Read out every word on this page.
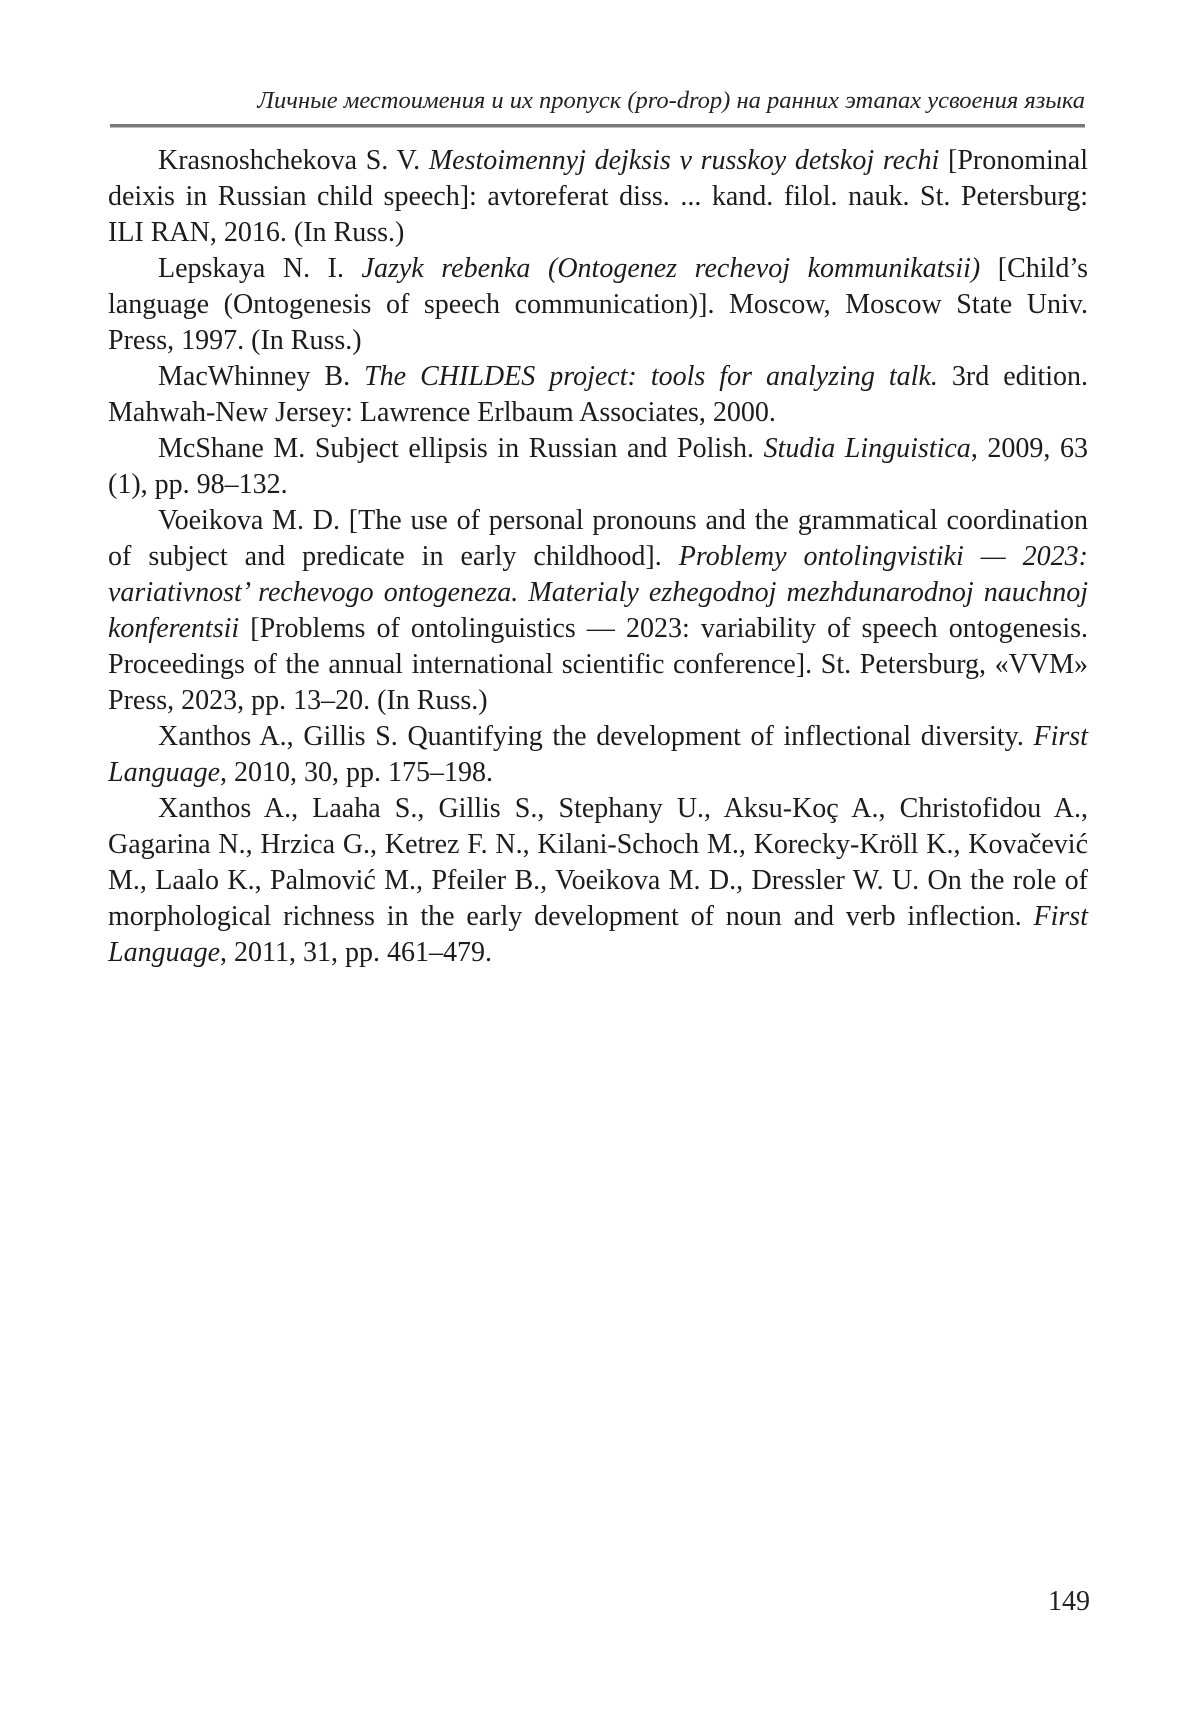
Личные местоимения и их пропуск (pro-drop) на ранних этапах усвоения языка

Krasnoshchekova S. V. Mestoimennyj dejksis v russkoy detskoj rechi [Pronominal deixis in Russian child speech]: avtoreferat diss. ... kand. filol. nauk. St. Petersburg: ILI RAN, 2016. (In Russ.)

Lepskaya N. I. Jazyk rebenka (Ontogenez rechevoj kommunikatsii) [Child’s language (Ontogenesis of speech communication)]. Moscow, Moscow State Univ. Press, 1997. (In Russ.)

MacWhinney B. The CHILDES project: tools for analyzing talk. 3rd edition. Mahwah-New Jersey: Lawrence Erlbaum Associates, 2000.

McShane M. Subject ellipsis in Russian and Polish. Studia Linguistica, 2009, 63 (1), pp. 98–132.

Voeikova M. D. [The use of personal pronouns and the grammatical coordination of subject and predicate in early childhood]. Problemy ontolingvistiki — 2023: variativnost’ rechevogo ontogeneza. Materialy ezhegodnoj mezhdunarodnoj nauchnoj konferentsii [Problems of ontolinguistics — 2023: variability of speech ontogenesis. Proceedings of the annual international scientific conference]. St. Petersburg, «VVM» Press, 2023, pp. 13–20. (In Russ.)

Xanthos A., Gillis S. Quantifying the development of inflectional diversity. First Language, 2010, 30, pp. 175–198.

Xanthos A., Laaha S., Gillis S., Stephany U., Aksu-Koç A., Christofidou A., Gagarina N., Hrzica G., Ketrez F. N., Kilani-Schoch M., Korecky-Kröll K., Kovačević M., Laalo K., Palmović M., Pfeiler B., Voeikova M. D., Dressler W. U. On the role of morphological richness in the early development of noun and verb inflection. First Language, 2011, 31, pp. 461–479.

149
